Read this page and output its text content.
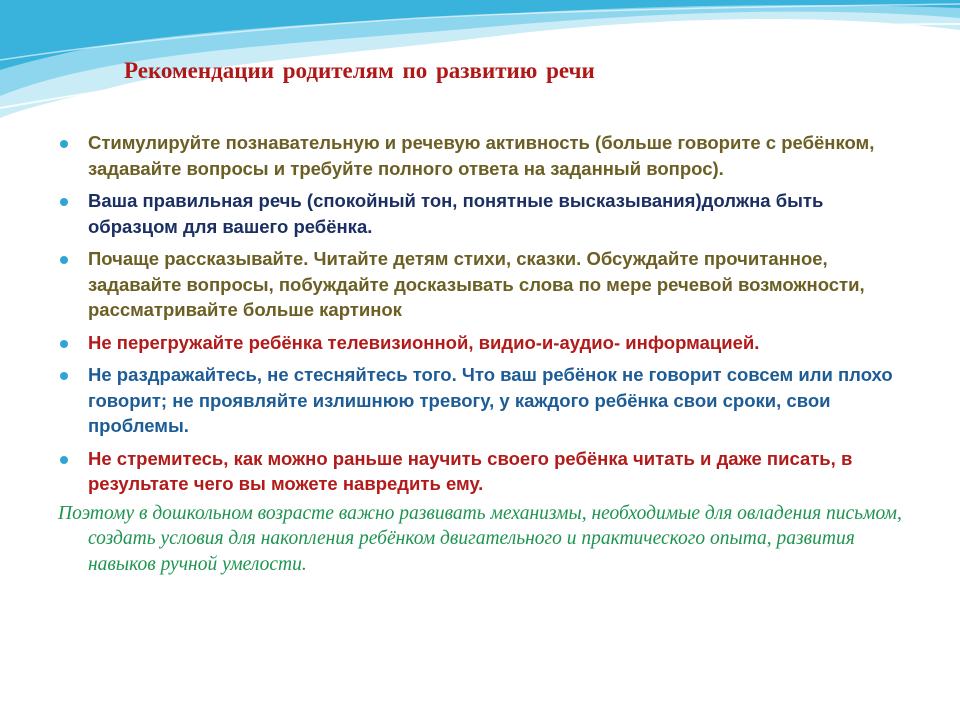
Рекомендации родителям по развитию речи
Стимулируйте познавательную и речевую активность (больше говорите с ребёнком, задавайте вопросы и требуйте полного ответа на заданный вопрос).
Ваша правильная речь (спокойный тон, понятные высказывания)должна быть образцом для вашего ребёнка.
Почаще рассказывайте. Читайте детям стихи, сказки. Обсуждайте прочитанное, задавайте вопросы, побуждайте досказывать слова по мере речевой возможности, рассматривайте больше картинок
Не перегружайте ребёнка телевизионной, видио-и-аудио- информацией.
Не раздражайтесь, не стесняйтесь того. Что ваш ребёнок не говорит совсем или плохо говорит; не проявляйте излишнюю тревогу, у каждого ребёнка свои сроки, свои проблемы.
Не стремитесь, как можно раньше научить своего ребёнка читать и даже писать, в результате чего вы можете навредить ему.

Поэтому в дошкольном возрасте важно развивать механизмы, необходимые для овладения письмом, создать условия для накопления ребёнком двигательного и практического опыта, развития навыков ручной умелости.
